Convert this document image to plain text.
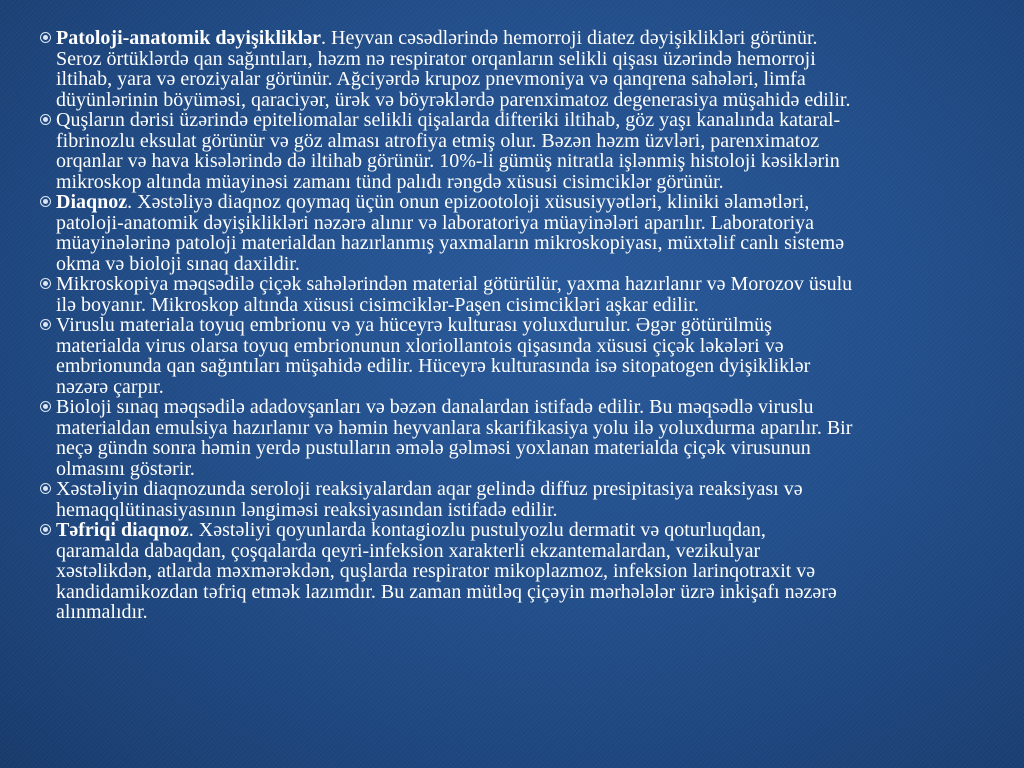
Patoloji-anatomik dəyişikliklər. Heyvan cəsədlərində hemorroji diatez dəyişiklikləri görünür.
Seroz örtüklərdə qan sağıntıları, həzm nə respirator orqanların selikli qişası üzərində hemorroji
iltihab, yara və eroziyalar görünür. Ağciyərdə krupoz pnevmoniya və qanqrena sahələri, limfa
düyünlərinin böyüməsi, qaraciyər, ürək və böyrəklərdə parenximatoz degenerasiya müşahidə edilir.
Quşların dərisi üzərində epiteliomalar selikli qişalarda difteriki iltihab, göz yaşı kanalında kataral-
fibrinozlu eksulat görünür və göz alması atrofiya etmiş olur. Bəzən həzm üzvləri, parenximatoz
orqanlar və hava kisələrində də iltihab görünür. 10%-li gümüş nitratla işlənmiş histoloji kəsiklərin
mikroskop altında müayinəsi zamanı tünd palıdı rəngdə xüsusi cisimciklər görünür.
Diaqnoz. Xəstəliyə diaqnoz qoymaq üçün onun epizootoloji xüsusiyyətləri, kliniki əlamətləri,
patoloji-anatomik dəyişiklikləri nəzərə alınır və laboratoriya müayinələri aparılır. Laboratoriya
müayinələrinə patoloji materialdan hazırlanmış yaxmaların mikroskopiyası, müxtəlif canlı sistemə
okma və bioloji sınaq daxildir.
Mikroskopiya məqsədilə çiçək sahələrindən material götürülür, yaxma hazırlanır və Morozov üsulu
ilə boyanır. Mikroskop altında xüsusi cisimciklər-Paşen cisimcikləri aşkar edilir.
Viruslu materiala toyuq embrionu və ya hüceyrə kulturası yoluxdurulur. Əgər götürülmüş
materialda virus olarsa toyuq embrionunun xloriollantois qişasında xüsusi çiçək ləkələri və
embrionunda qan sağıntıları müşahidə edilir. Hüceyrə kulturasında isə sitopatogen dyişikliklər
nəzərə çarpır.
Bioloji sınaq məqsədilə adadovşanları və bəzən danalardan istifadə edilir. Bu məqsədlə viruslu
materialdan emulsiya hazırlanır və həmin heyvanlara skarifikasiya yolu ilə yoluxdurma aparılır. Bir
neçə gündn sonra həmin yerdə pustulların əmələ gəlməsi yoxlanan materialda çiçək virusunun
olmasını göstərir.
Xəstəliyin diaqnozunda seroloji reaksiyalardan aqar gelində diffuz presipitasiya reaksiyası və
hemaqqlütinasiyasının ləngiməsi reaksiyasından istifadə edilir.
Təfriqi diaqnoz. Xəstəliyi qoyunlarda kontagiozlu pustulyozlu dermatit və qoturluqdan,
qaramalda dabaqdan, çoşqalarda qeyri-infeksion xarakterli ekzantemalardan, vezikulyar
xəstəlikdən, atlarda məxmərəkdən, quşlarda respirator mikoplazmoz, infeksion larinqotraxit və
kandidamikozdan təfriq etmək lazımdır. Bu zaman mütləq çiçəyin mərhələlər üzrə inkişafı nəzərə
alınmalıdır.
